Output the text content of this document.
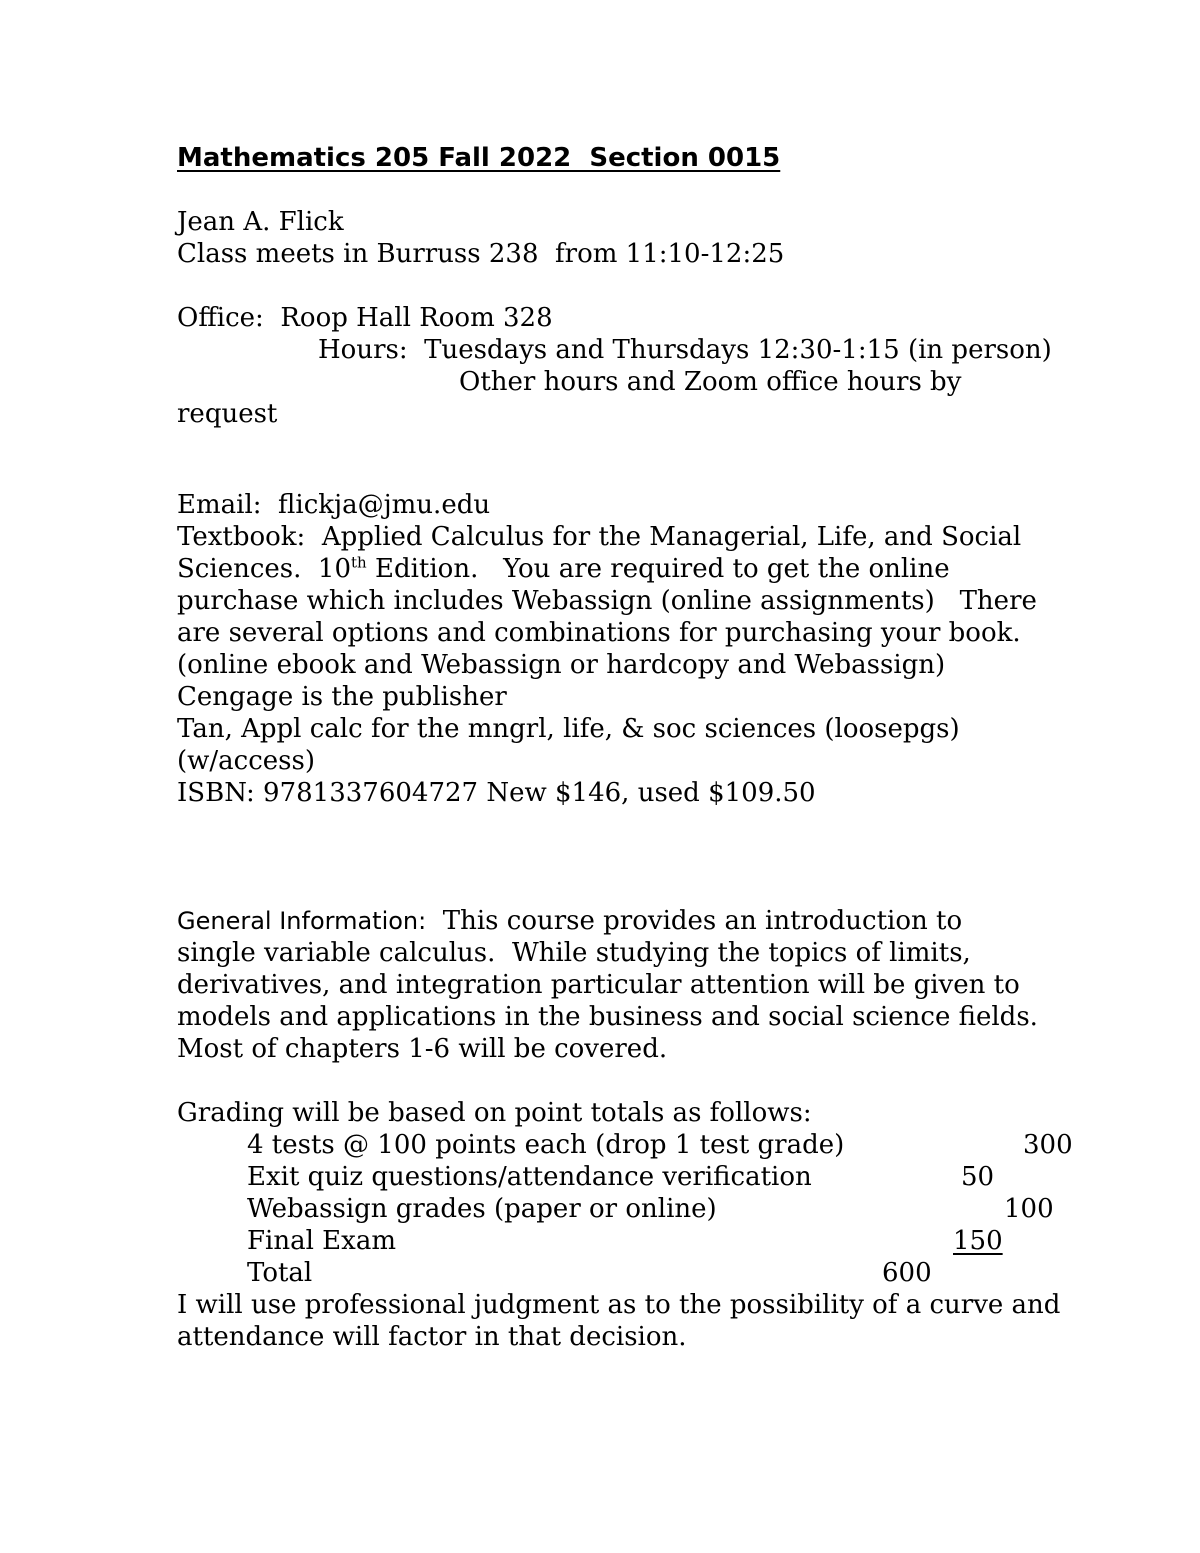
Mathematics 205 Fall 2022  Section 0015
Jean A. Flick
Class meets in Burruss 238  from 11:10-12:25
Office:  Roop Hall Room 328
Hours:  Tuesdays and Thursdays 12:30-1:15 (in person)
Other hours and Zoom office hours by
request
Email:  flickja@jmu.edu
Textbook:  Applied Calculus for the Managerial, Life, and Social
Sciences.  10th Edition.   You are required to get the online
purchase which includes Webassign (online assignments)   There
are several options and combinations for purchasing your book.
(online ebook and Webassign or hardcopy and Webassign)
Cengage is the publisher
Tan, Appl calc for the mngrl, life, & soc sciences (loosepgs)
(w/access)
ISBN: 9781337604727 New $146, used $109.50
General Information:  This course provides an introduction to
single variable calculus.  While studying the topics of limits,
derivatives, and integration particular attention will be given to
models and applications in the business and social science fields.
Most of chapters 1-6 will be covered.
Grading will be based on point totals as follows:
4 tests @ 100 points each (drop 1 test grade)	300
Exit quiz questions/attendance verification	50
Webassign grades (paper or online)	100
Final Exam	150
Total	600
I will use professional judgment as to the possibility of a curve and
attendance will factor in that decision.
